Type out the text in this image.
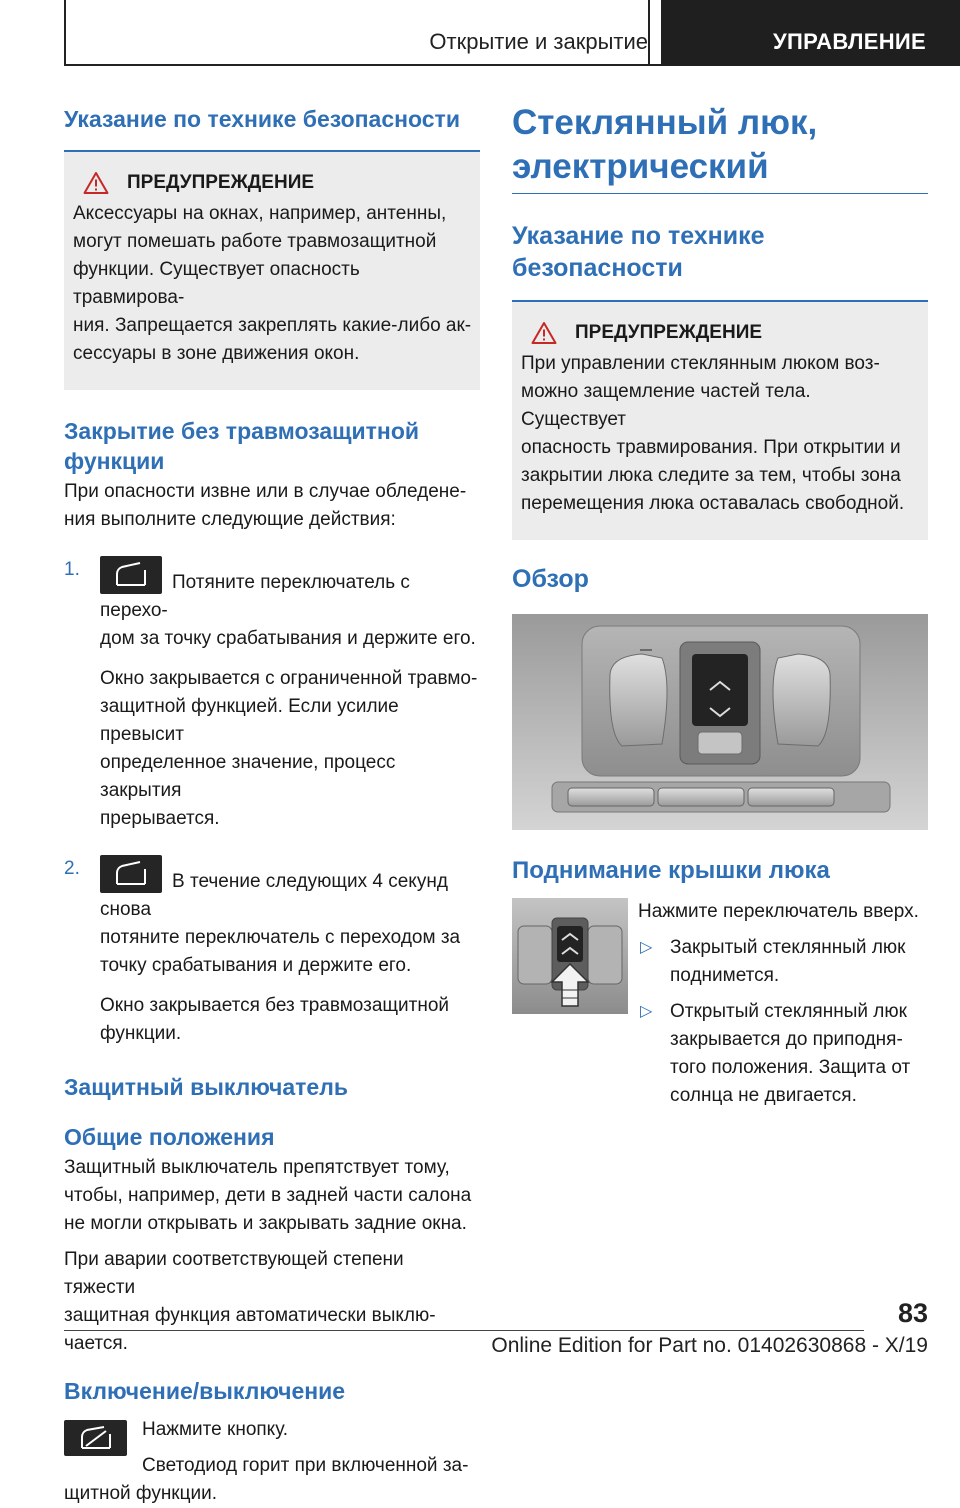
Открытие и закрытие	УПРАВЛЕНИЕ
Указание по технике безопасности
ПРЕДУПРЕЖДЕНИЕ

Аксессуары на окнах, например, антенны,
могут помешать работе травмозащитной
функции. Существует опасность травмирова-
ния. Запрещается закреплять какие-либо ак-
сессуары в зоне движения окон.

Закрытие без травмозащитной
функции

При опасности извне или в случае обледене-
ния выполните следующие действия:

1.

Потяните переключатель с перехо-
дом за точку срабатывания и держите его.

Окно закрывается с ограниченной травмо-
защитной функцией. Если усилие превысит
определенное значение, процесс закрытия
прерывается.

2.

В течение следующих 4 секунд снова
потяните переключатель с переходом за
точку срабатывания и держите его.

Окно закрывается без травмозащитной
функции.

Защитный выключатель
Общие положения

Защитный выключатель препятствует тому,
чтобы, например, дети в задней части салона
не могли открывать и закрывать задние окна.

При аварии соответствующей степени тяжести
защитная функция автоматически выклю-
чается.

Включение/выключение

Нажмите кнопку.

Светодиод горит при включенной за-
щитной функции.

Стеклянный люк,
электрический
Указание по технике
безопасности
ПРЕДУПРЕЖДЕНИЕ

При управлении стеклянным люком воз-
можно защемление частей тела. Существует
опасность травмирования. При открытии и
закрытии люка следите за тем, чтобы зона
перемещения люка оставалась свободной.

Обзор
Поднимание крышки люка

Нажмите переключатель вверх.

▷ Закрытый стеклянный люк
поднимется.

▷ Открытый стеклянный люк
закрывается до приподня-
того положения. Защита от
солнца не двигается.

83
Online Edition for Part no. 01402630868 - X/19
